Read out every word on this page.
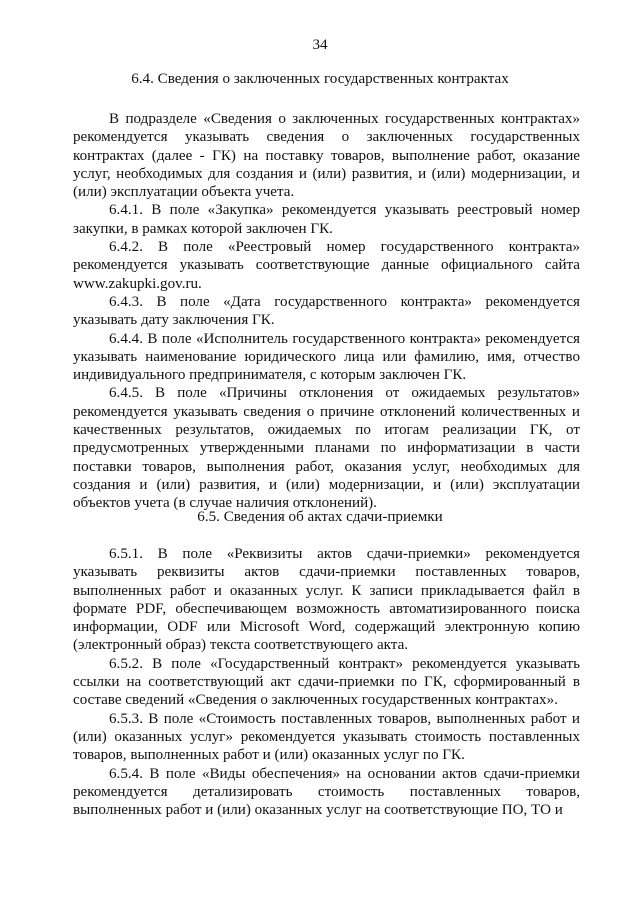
34
6.4. Сведения о заключенных государственных контрактах

В подразделе «Сведения о заключенных государственных контрактах» рекомендуется указывать сведения о заключенных государственных контрактах (далее - ГК) на поставку товаров, выполнение работ, оказание услуг, необходимых для создания и (или) развития, и (или) модернизации, и (или) эксплуатации объекта учета.

6.4.1. В поле «Закупка» рекомендуется указывать реестровый номер закупки, в рамках которой заключен ГК.

6.4.2. В поле «Реестровый номер государственного контракта» рекомендуется указывать соответствующие данные официального сайта www.zakupki.gov.ru.

6.4.3. В поле «Дата государственного контракта» рекомендуется указывать дату заключения ГК.

6.4.4. В поле «Исполнитель государственного контракта» рекомендуется указывать наименование юридического лица или фамилию, имя, отчество индивидуального предпринимателя, с которым заключен ГК.

6.4.5. В поле «Причины отклонения от ожидаемых результатов» рекомендуется указывать сведения о причине отклонений количественных и качественных результатов, ожидаемых по итогам реализации ГК, от предусмотренных утвержденными планами по информатизации в части поставки товаров, выполнения работ, оказания услуг, необходимых для создания и (или) развития, и (или) модернизации, и (или) эксплуатации объектов учета (в случае наличия отклонений).

6.5. Сведения об актах сдачи-приемки

6.5.1. В поле «Реквизиты актов сдачи-приемки» рекомендуется указывать реквизиты актов сдачи-приемки поставленных товаров, выполненных работ и оказанных услуг. К записи прикладывается файл в формате PDF, обеспечивающем возможность автоматизированного поиска информации, ODF или Microsoft Word, содержащий электронную копию (электронный образ) текста соответствующего акта.

6.5.2. В поле «Государственный контракт» рекомендуется указывать ссылки на соответствующий акт сдачи-приемки по ГК, сформированный в составе сведений «Сведения о заключенных государственных контрактах».

6.5.3. В поле «Стоимость поставленных товаров, выполненных работ и (или) оказанных услуг» рекомендуется указывать стоимость поставленных товаров, выполненных работ и (или) оказанных услуг по ГК.

6.5.4. В поле «Виды обеспечения» на основании актов сдачи-приемки рекомендуется детализировать стоимость поставленных товаров, выполненных работ и (или) оказанных услуг на соответствующие ПО, ТО и
